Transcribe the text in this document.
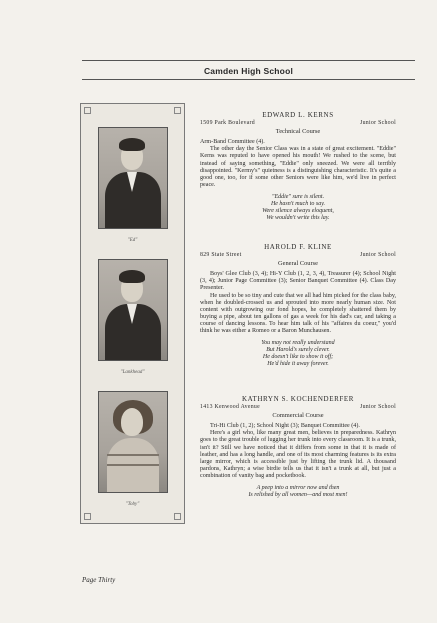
Camden High School
"Ed"
"Lankhead"
"Toby"

EDWARD L. KERNS

1509 Park Boulevard	Junior School
Technical Course

Arm-Band Committee (4).

The other day the Senior Class was in a state of great excitement. "Eddie" Kerns was reputed to have opened his mouth! We rushed to the scene, but instead of saying something, "Eddie" only sneezed. We were all terribly disappointed. "Kermy's" quietness is a distinguishing characteristic. It's quite a good one, too, for if some other Seniors were like him, we'd live in perfect peace.

"Eddie" sure is silent.
He hasn't much to say.
Were silence always eloquent,
We wouldn't write this lay.

HAROLD F. KLINE

829 State Street	Junior School
General Course

Boys' Glee Club (3, 4); Hi-Y Club (1, 2, 3, 4), Treasurer (4); School Night (3, 4); Junior Page Committee (3); Senior Banquet Committee (4). Class Day Presenter.

He used to be so tiny and cute that we all had him picked for the class baby, when he doubled-crossed us and sprouted into more nearly human size. Not content with outgrowing our fond hopes, he completely shattered them by buying a pipe, about ten gallons of gas a week for his dad's car, and taking a course of dancing lessons. To hear him talk of his "affaires du coeur," you'd think he was either a Romeo or a Baron Munchausen.

You may not really understand
But Harold's surely clever.
He doesn't like to show it off;
He'd hide it away forever.

KATHRYN S. KOCHENDERFER

1413 Kenwood Avenue	Junior School
Commercial Course

Tri-Hi Club (1, 2); School Night (3); Banquet Committee (4).

Here's a girl who, like many great men, believes in preparedness. Kathryn goes to the great trouble of lugging her trunk into every classroom. It is a trunk, isn't it? Still we have noticed that it differs from some in that it is made of leather, and has a long handle, and one of its most charming features is its extra large mirror, which is accessible just by lifting the trunk lid. A thousand pardons, Kathryn; a wise birdie tells us that it isn't a trunk at all, but just a combination of vanity bag and pocketbook.

A peep into a mirror now and then
Is relished by all women—and most men!
Page Thirty
